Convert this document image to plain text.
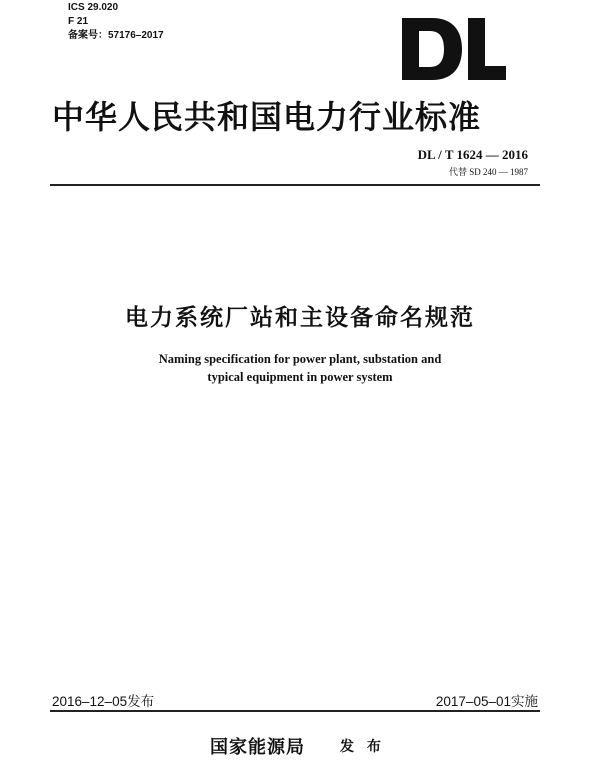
ICS 29.020
F 21
备案号：57176–2017
中华人民共和国电力行业标准
DL / T 1624 — 2016
代替 SD 240 — 1987
电力系统厂站和主设备命名规范
Naming specification for power plant, substation and
typical equipment in power system
2016–12–05发布	2017–05–01实施
国家能源局	发 布
